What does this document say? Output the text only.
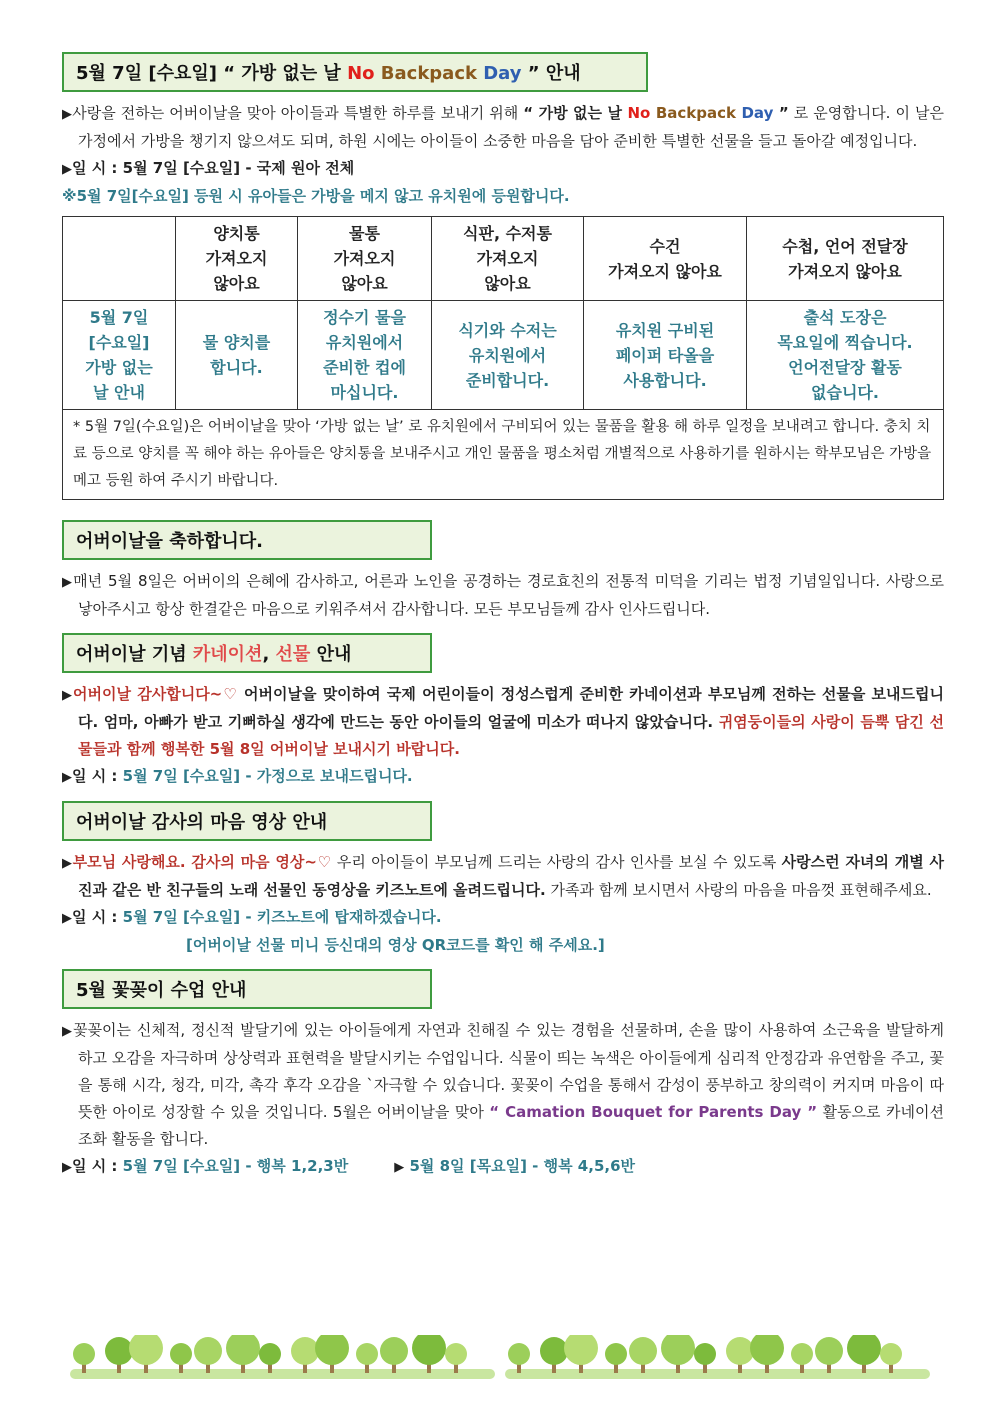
5월 7일 [수요일] “ 가방 없는 날 No Backpack Day ” 안내

▶사랑을 전하는 어버이날을 맞아 아이들과 특별한 하루를 보내기 위해 “ 가방 없는 날 No Backpack Day ” 로 운영합니다. 이 날은 가정에서 가방을 챙기지 않으셔도 되며, 하원 시에는 아이들이 소중한 마음을 담아 준비한 특별한 선물을 들고 돌아갈 예정입니다.

▶일 시 : 5월 7일 [수요일] - 국제 원아 전체
※5월 7일[수요일] 등원 시 유아들은 가방을 메지 않고 유치원에 등원합니다.
	양치통
가져오지
않아요	물통
가져오지
않아요	식판, 수저통
가져오지
않아요	수건
가져오지 않아요	수첩, 언어 전달장
가져오지 않아요
5월 7일
[수요일]
가방 없는
날 안내	물 양치를
합니다.	정수기 물을
유치원에서
준비한 컵에
마십니다.	식기와 수저는
유치원에서
준비합니다.	유치원 구비된
페이퍼 타올을
사용합니다.	출석 도장은
목요일에 찍습니다.
언어전달장 활동
없습니다.
* 5월 7일(수요일)은 어버이날을 맞아 ‘가방 없는 날’ 로 유치원에서 구비되어 있는 물품을 활용 해 하루 일정을 보내려고 합니다. 충치 치료 등으로 양치를 꼭 해야 하는 유아들은 양치통을 보내주시고 개인 물품을 평소처럼 개별적으로 사용하기를 원하시는 학부모님은 가방을 메고 등원 하여 주시기 바랍니다.					
어버이날을 축하합니다.

▶매년 5월 8일은 어버이의 은혜에 감사하고, 어른과 노인을 공경하는 경로효친의 전통적 미덕을 기리는 법정 기념일입니다. 사랑으로 낳아주시고 항상 한결같은 마음으로 키워주셔서 감사합니다. 모든 부모님들께 감사 인사드립니다.

어버이날 기념 카네이션, 선물 안내

▶어버이날 감사합니다~♡ 어버이날을 맞이하여 국제 어린이들이 정성스럽게 준비한 카네이션과 부모님께 전하는 선물을 보내드립니다. 엄마, 아빠가 받고 기뻐하실 생각에 만드는 동안 아이들의 얼굴에 미소가 떠나지 않았습니다. 귀염둥이들의 사랑이 듬뿍 담긴 선물들과 함께 행복한 5월 8일 어버이날 보내시기 바랍니다.

▶일 시 : 5월 7일 [수요일] - 가정으로 보내드립니다.
어버이날 감사의 마음 영상 안내

▶부모님 사랑해요. 감사의 마음 영상~♡ 우리 아이들이 부모님께 드리는 사랑의 감사 인사를 보실 수 있도록 사랑스런 자녀의 개별 사진과 같은 반 친구들의 노래 선물인 동영상을 키즈노트에 올려드립니다. 가족과 함께 보시면서 사랑의 마음을 마음껏 표현해주세요.

▶일 시 : 5월 7일 [수요일] - 키즈노트에 탑재하겠습니다.
[어버이날 선물 미니 등신대의 영상 QR코드를 확인 해 주세요.]
5월 꽃꽂이 수업 안내

▶꽃꽂이는 신체적, 정신적 발달기에 있는 아이들에게 자연과 친해질 수 있는 경험을 선물하며, 손을 많이 사용하여 소근육을 발달하게 하고 오감을 자극하며 상상력과 표현력을 발달시키는 수업입니다. 식물이 띄는 녹색은 아이들에게 심리적 안정감과 유연함을 주고, 꽃을 통해 시각, 청각, 미각, 촉각 후각 오감을 `자극할 수 있습니다. 꽃꽂이 수업을 통해서 감성이 풍부하고 창의력이 커지며 마음이 따뜻한 아이로 성장할 수 있을 것입니다. 5월은 어버이날을 맞아 “ Camation Bouquet for Parents Day ” 활동으로 카네이션 조화 활동을 합니다.

▶일 시 : 5월 7일 [수요일] - 행복 1,2,3반	▶ 5월 8일 [목요일] - 행복 4,5,6반
